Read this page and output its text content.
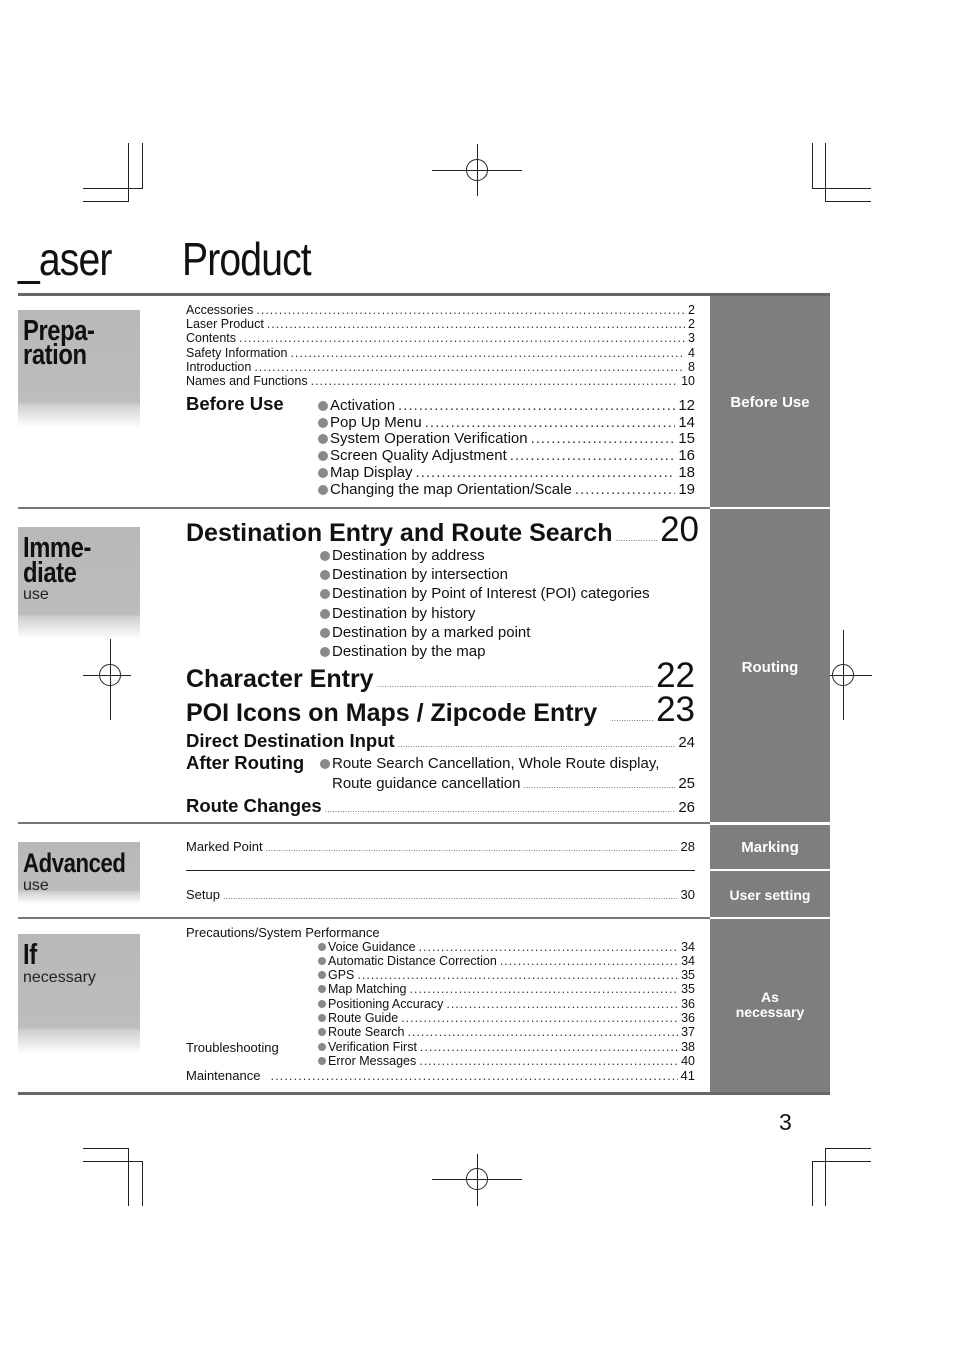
_aser Product
Before Use
Routing
Marking
User setting
As
necessary
Prepa-
ration
Imme-
diate
use
Advanced
use
If
necessary
Accessories .....	2
Laser Product .....	2
Contents .....	3
Safety Information .....	4
Introduction .....	8
Names and Functions .....	10
Before Use	Activation .....	12
Pop Up Menu .....	14
System Operation Verification .....	15
Screen Quality Adjustment .....	16
Map Display .....	18
Changing the map Orientation/Scale .....	19
Destination Entry and Route Search ..... 20
Destination by address
Destination by intersection
Destination by Point of Interest (POI) categories
Destination by history
Destination by a marked point
Destination by the map
Character Entry .....	22
POI Icons on Maps / Zipcode Entry ..... 23
Direct Destination Input .....	24
After Routing	Route Search Cancellation, Whole Route display,
Route guidance cancellation .....	25
Route Changes .....	26
Marked Point .....	28
Setup .....	30
Precautions/System Performance
Voice Guidance .....	34
Automatic Distance Correction .....	34
GPS .....	35
Map Matching .....	35
Positioning Accuracy .....	36
Route Guide .....	36
Route Search .....	37
Troubleshooting	Verification First .....	38
Error Messages .....	40
Maintenance .....	41
3
